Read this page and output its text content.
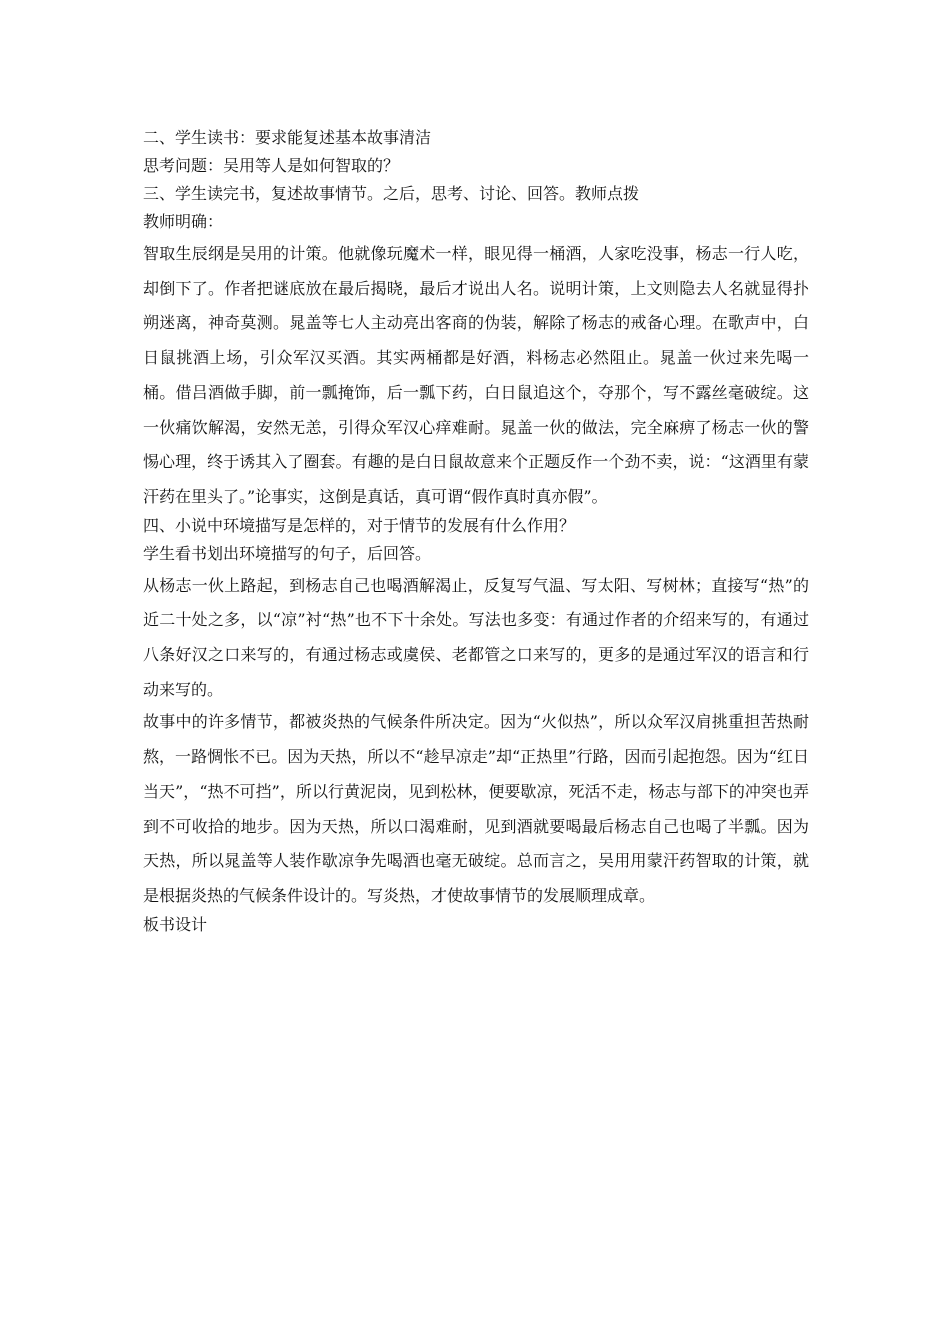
二、学生读书：要求能复述基本故事清洁
思考问题：吴用等人是如何智取的？
三、学生读完书，复述故事情节。之后，思考、讨论、回答。教师点拨
教师明确：
智取生辰纲是吴用的计策。他就像玩魔术一样，眼见得一桶酒，人家吃没事，杨志一行人吃，却倒下了。作者把谜底放在最后揭晓，最后才说出人名。说明计策，上文则隐去人名就显得扑朔迷离，神奇莫测。晁盖等七人主动亮出客商的伪装，解除了杨志的戒备心理。在歌声中，白日鼠挑酒上场，引众军汉买酒。其实两桶都是好酒，料杨志必然阻止。晁盖一伙过来先喝一桶。借吕酒做手脚，前一瓢掩饰，后一瓢下药，白日鼠追这个，夺那个，写不露丝毫破绽。这一伙痛饮解渴，安然无恙，引得众军汉心痒难耐。晁盖一伙的做法，完全麻痹了杨志一伙的警惕心理，终于诱其入了圈套。有趣的是白日鼠故意来个正题反作一个劲不卖，说：“这酒里有蒙汗药在里头了。”论事实，这倒是真话，真可谓“假作真时真亦假”。
四、小说中环境描写是怎样的，对于情节的发展有什么作用？
学生看书划出环境描写的句子，后回答。
从杨志一伙上路起，到杨志自己也喝酒解渴止，反复写气温、写太阳、写树林；直接写“热”的近二十处之多，以“凉”衬“热”也不下十余处。写法也多变：有通过作者的介绍来写的，有通过八条好汉之口来写的，有通过杨志或虞侯、老都管之口来写的，更多的是通过军汉的语言和行动来写的。
故事中的许多情节，都被炎热的气候条件所决定。因为“火似热”，所以众军汉肩挑重担苦热耐熬，一路惆怅不已。因为天热，所以不“趁早凉走”却“正热里”行路，因而引起抱怨。因为“红日当天”，“热不可挡”，所以行黄泥岗，见到松林，便要歇凉，死活不走，杨志与部下的冲突也弄到不可收拾的地步。因为天热，所以口渴难耐，见到酒就要喝最后杨志自己也喝了半瓢。因为天热，所以晁盖等人装作歇凉争先喝酒也毫无破绽。总而言之，吴用用蒙汗药智取的计策，就是根据炎热的气候条件设计的。写炎热，才使故事情节的发展顺理成章。
板书设计
